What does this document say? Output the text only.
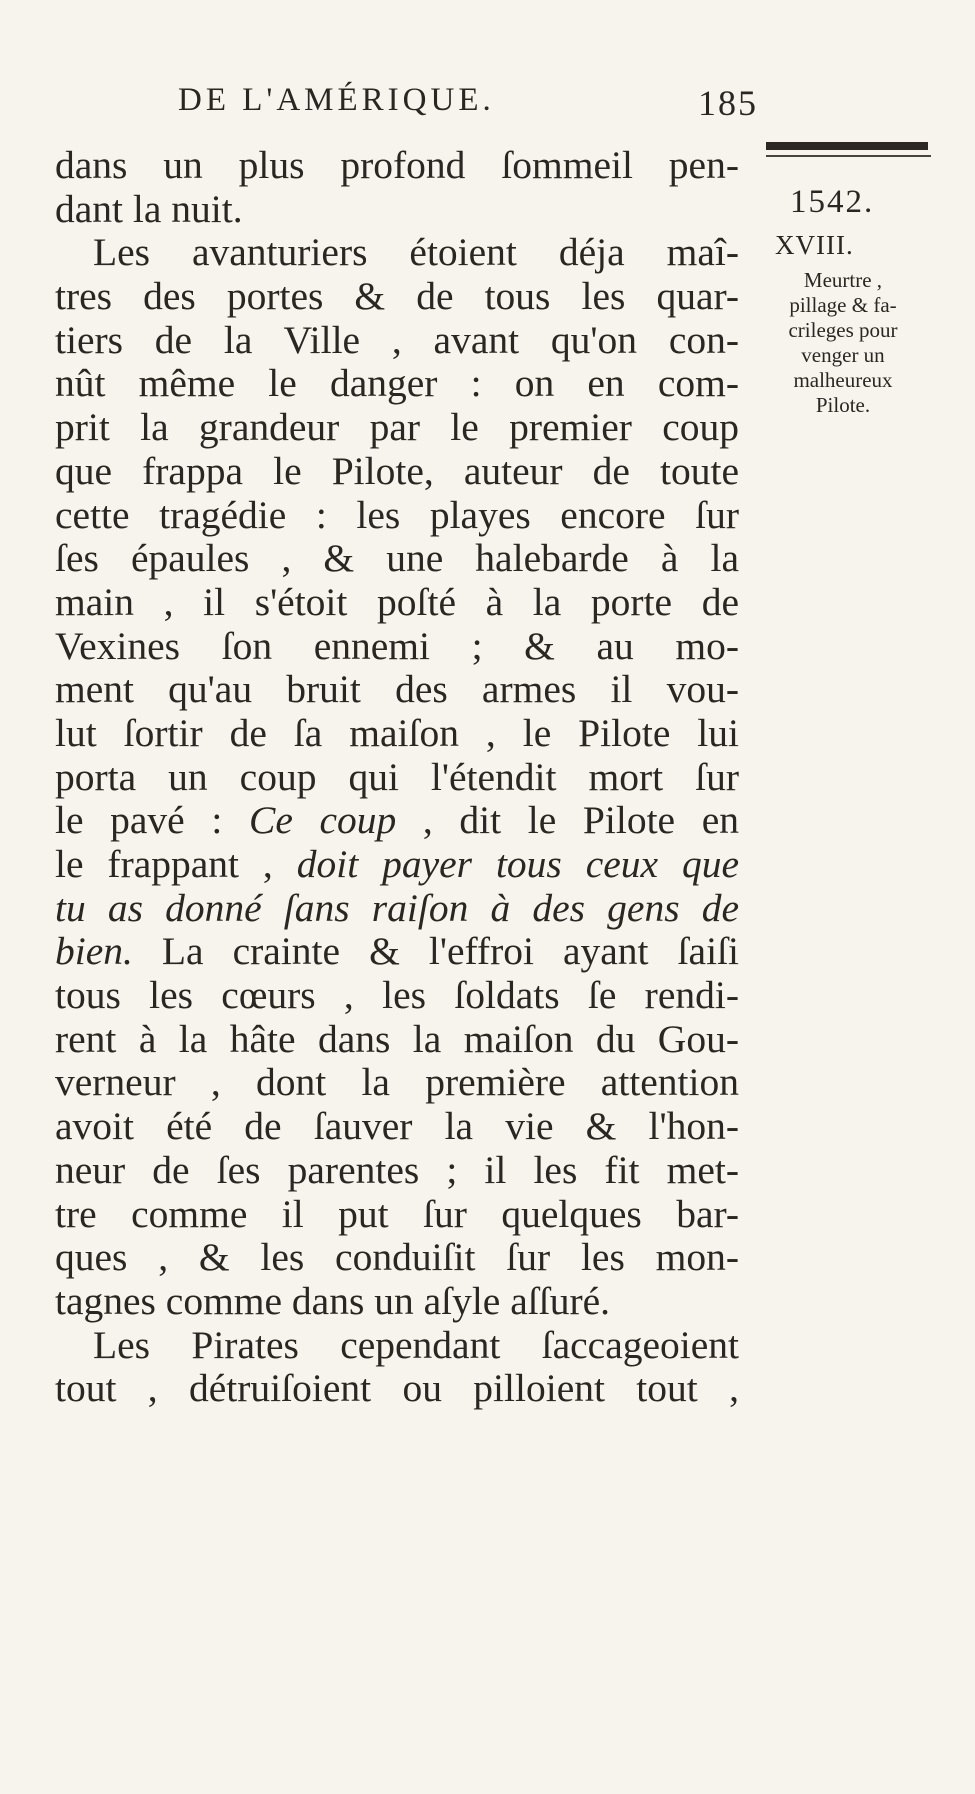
DE L'AMÉRIQUE.	185
1542.
XVIII.
Meurtre ,
pillage & fa-
crileges pour
venger un
malheureux
Pilote.
dans un plus profond ſommeil pen-
dant la nuit.
Les avanturiers étoient déja maî-
tres des portes & de tous les quar-
tiers de la Ville , avant qu'on con-
nût même le danger : on en com-
prit la grandeur par le premier coup
que frappa le Pilote, auteur de toute
cette tragédie : les playes encore ſur
ſes épaules , & une halebarde à la
main , il s'étoit poſté à la porte de
Vexines ſon ennemi ; & au mo-
ment qu'au bruit des armes il vou-
lut ſortir de ſa maiſon , le Pilote lui
porta un coup qui l'étendit mort ſur
le pavé : Ce coup , dit le Pilote en
le frappant , doit payer tous ceux que
tu as donné ſans raiſon à des gens de
bien. La crainte & l'effroi ayant ſaiſi
tous les cœurs , les ſoldats ſe rendi-
rent à la hâte dans la maiſon du Gou-
verneur , dont la première attention
avoit été de ſauver la vie & l'hon-
neur de ſes parentes ; il les fit met-
tre comme il put ſur quelques bar-
ques , & les conduiſit ſur les mon-
tagnes comme dans un aſyle aſſuré.
Les Pirates cependant ſaccageoient
tout , détruiſoient ou pilloient tout ,
